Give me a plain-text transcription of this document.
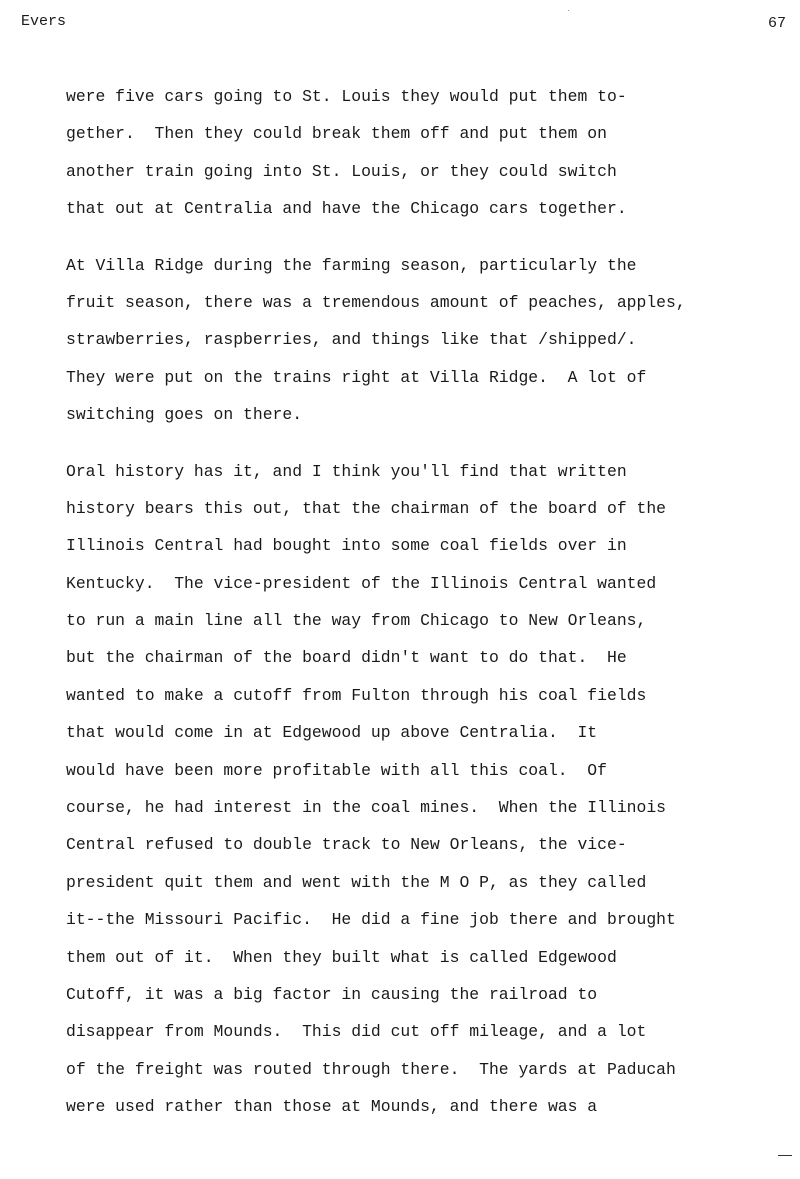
Evers	67
were five cars going to St. Louis they would put them to-
gether.  Then they could break them off and put them on
another train going into St. Louis, or they could switch
that out at Centralia and have the Chicago cars together.
At Villa Ridge during the farming season, particularly the
fruit season, there was a tremendous amount of peaches, apples,
strawberries, raspberries, and things like that /shipped/.
They were put on the trains right at Villa Ridge.  A lot of
switching goes on there.
Oral history has it, and I think you'll find that written
history bears this out, that the chairman of the board of the
Illinois Central had bought into some coal fields over in
Kentucky.  The vice-president of the Illinois Central wanted
to run a main line all the way from Chicago to New Orleans,
but the chairman of the board didn't want to do that.  He
wanted to make a cutoff from Fulton through his coal fields
that would come in at Edgewood up above Centralia.  It
would have been more profitable with all this coal.  Of
course, he had interest in the coal mines.  When the Illinois
Central refused to double track to New Orleans, the vice-
president quit them and went with the M O P, as they called
it--the Missouri Pacific.  He did a fine job there and brought
them out of it.  When they built what is called Edgewood
Cutoff, it was a big factor in causing the railroad to
disappear from Mounds.  This did cut off mileage, and a lot
of the freight was routed through there.  The yards at Paducah
were used rather than those at Mounds, and there was a
